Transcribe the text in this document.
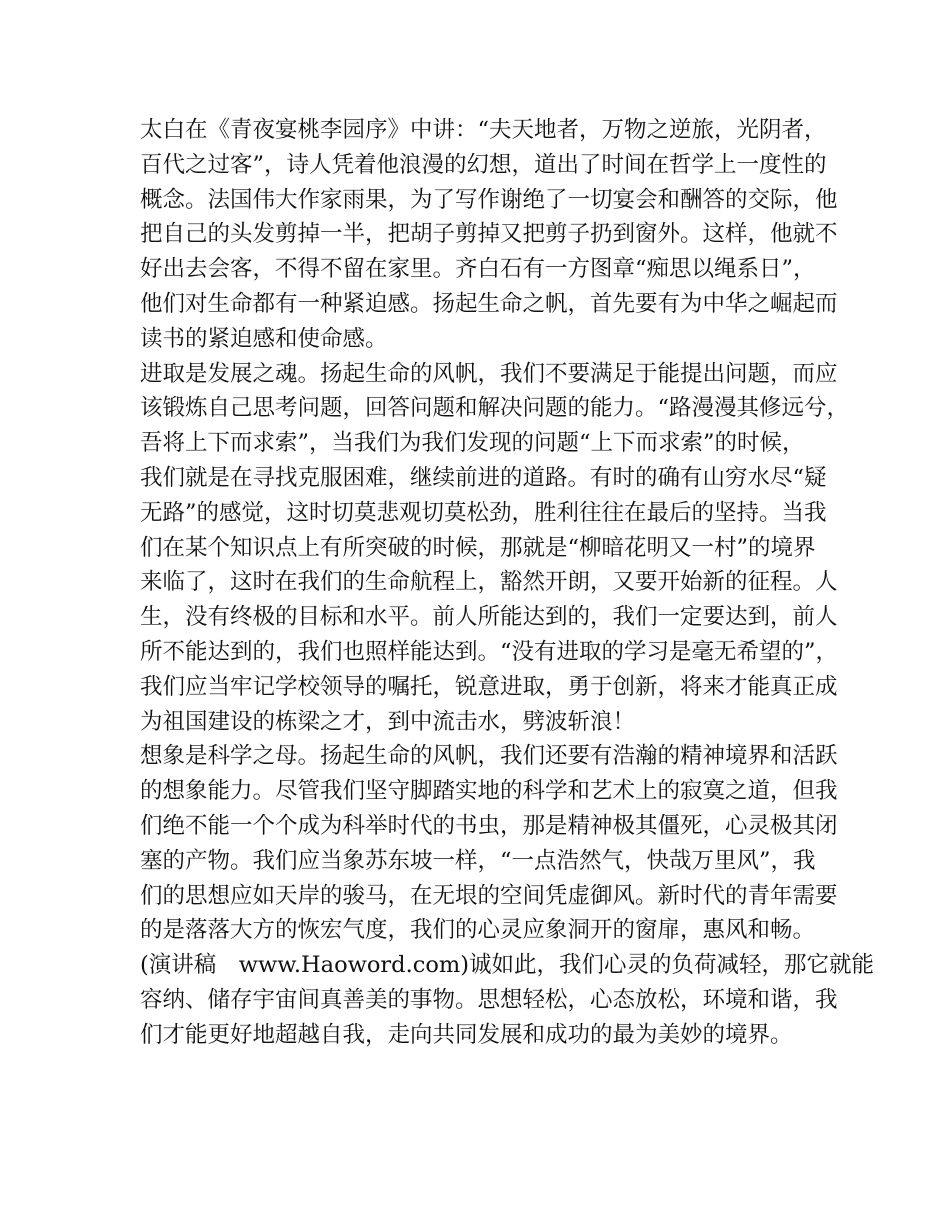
太白在《青夜宴桃李园序》中讲：“夫天地者，万物之逆旅，光阴者，
百代之过客”，诗人凭着他浪漫的幻想，道出了时间在哲学上一度性的
概念。法国伟大作家雨果，为了写作谢绝了一切宴会和酬答的交际，他
把自己的头发剪掉一半，把胡子剪掉又把剪子扔到窗外。这样，他就不
好出去会客，不得不留在家里。齐白石有一方图章“痴思以绳系日”，
他们对生命都有一种紧迫感。扬起生命之帆，首先要有为中华之崛起而
读书的紧迫感和使命感。
进取是发展之魂。扬起生命的风帆，我们不要满足于能提出问题，而应
该锻炼自己思考问题，回答问题和解决问题的能力。“路漫漫其修远兮，
吾将上下而求索”，当我们为我们发现的问题“上下而求索”的时候，
我们就是在寻找克服困难，继续前进的道路。有时的确有山穷水尽“疑
无路”的感觉，这时切莫悲观切莫松劲，胜利往往在最后的坚持。当我
们在某个知识点上有所突破的时候，那就是“柳暗花明又一村”的境界
来临了，这时在我们的生命航程上，豁然开朗，又要开始新的征程。人
生，没有终极的目标和水平。前人所能达到的，我们一定要达到，前人
所不能达到的，我们也照样能达到。“没有进取的学习是毫无希望的”，
我们应当牢记学校领导的嘱托，锐意进取，勇于创新，将来才能真正成
为祖国建设的栋梁之才，到中流击水，劈波斩浪！
想象是科学之母。扬起生命的风帆，我们还要有浩瀚的精神境界和活跃
的想象能力。尽管我们坚守脚踏实地的科学和艺术上的寂寞之道，但我
们绝不能一个个成为科举时代的书虫，那是精神极其僵死，心灵极其闭
塞的产物。我们应当象苏东坡一样，“一点浩然气，快哉万里风”，我
们的思想应如天岸的骏马，在无垠的空间凭虚御风。新时代的青年需要
的是落落大方的恢宏气度，我们的心灵应象洞开的窗扉，惠风和畅。
(演讲稿　www.Haoword.com)诚如此，我们心灵的负荷减轻，那它就能
容纳、储存宇宙间真善美的事物。思想轻松，心态放松，环境和谐，我
们才能更好地超越自我，走向共同发展和成功的最为美妙的境界。
